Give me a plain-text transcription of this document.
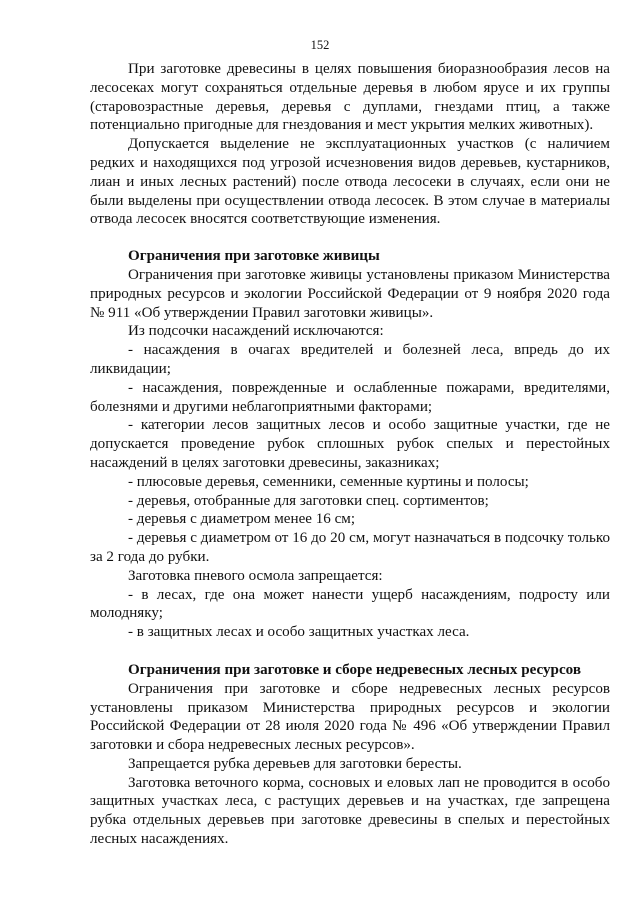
152

При заготовке древесины в целях повышения биоразнообразия лесов на лесосеках могут сохраняться отдельные деревья в любом ярусе и их группы (старовозрастные деревья, деревья с дуплами, гнездами птиц, а также потенциально пригодные для гнездования и мест укрытия мелких животных).

Допускается выделение не эксплуатационных участков (с наличием редких и находящихся под угрозой исчезновения видов деревьев, кустарников, лиан и иных лесных растений) после отвода лесосеки в случаях, если они не были выделены при осуществлении отвода лесосек. В этом случае в материалы отвода лесосек вносятся соответствующие изменения.

Ограничения при заготовке живицы

Ограничения при заготовке живицы установлены приказом Министерства природных ресурсов и экологии Российской Федерации от 9 ноября 2020 года № 911 «Об утверждении Правил заготовки живицы».

Из подсочки насаждений исключаются:

- насаждения в очагах вредителей и болезней леса, впредь до их ликвидации;

- насаждения, поврежденные и ослабленные пожарами, вредителями, болезнями и другими неблагоприятными факторами;

- категории лесов защитных лесов и особо защитные участки, где не допускается проведение рубок сплошных рубок спелых и перестойных насаждений в целях заготовки древесины, заказниках;

- плюсовые деревья, семенники, семенные куртины и полосы;

- деревья, отобранные для заготовки спец. сортиментов;

- деревья с диаметром менее 16 см;

- деревья с диаметром от 16 до 20 см, могут назначаться в подсочку только за 2 года до рубки.

Заготовка пневого осмола запрещается:

- в лесах, где она может нанести ущерб насаждениям, подросту или молодняку;

- в защитных лесах и особо защитных участках леса.

Ограничения при заготовке и сборе недревесных лесных ресурсов

Ограничения при заготовке и сборе недревесных лесных ресурсов установлены приказом Министерства природных ресурсов и экологии Российской Федерации от 28 июля 2020 года № 496 «Об утверждении Правил заготовки и сбора недревесных лесных ресурсов».

Запрещается рубка деревьев для заготовки бересты.

Заготовка веточного корма, сосновых и еловых лап не проводится в особо защитных участках леса, с растущих деревьев и на участках, где запрещена рубка отдельных деревьев при заготовке древесины в спелых и перестойных лесных насаждениях.
